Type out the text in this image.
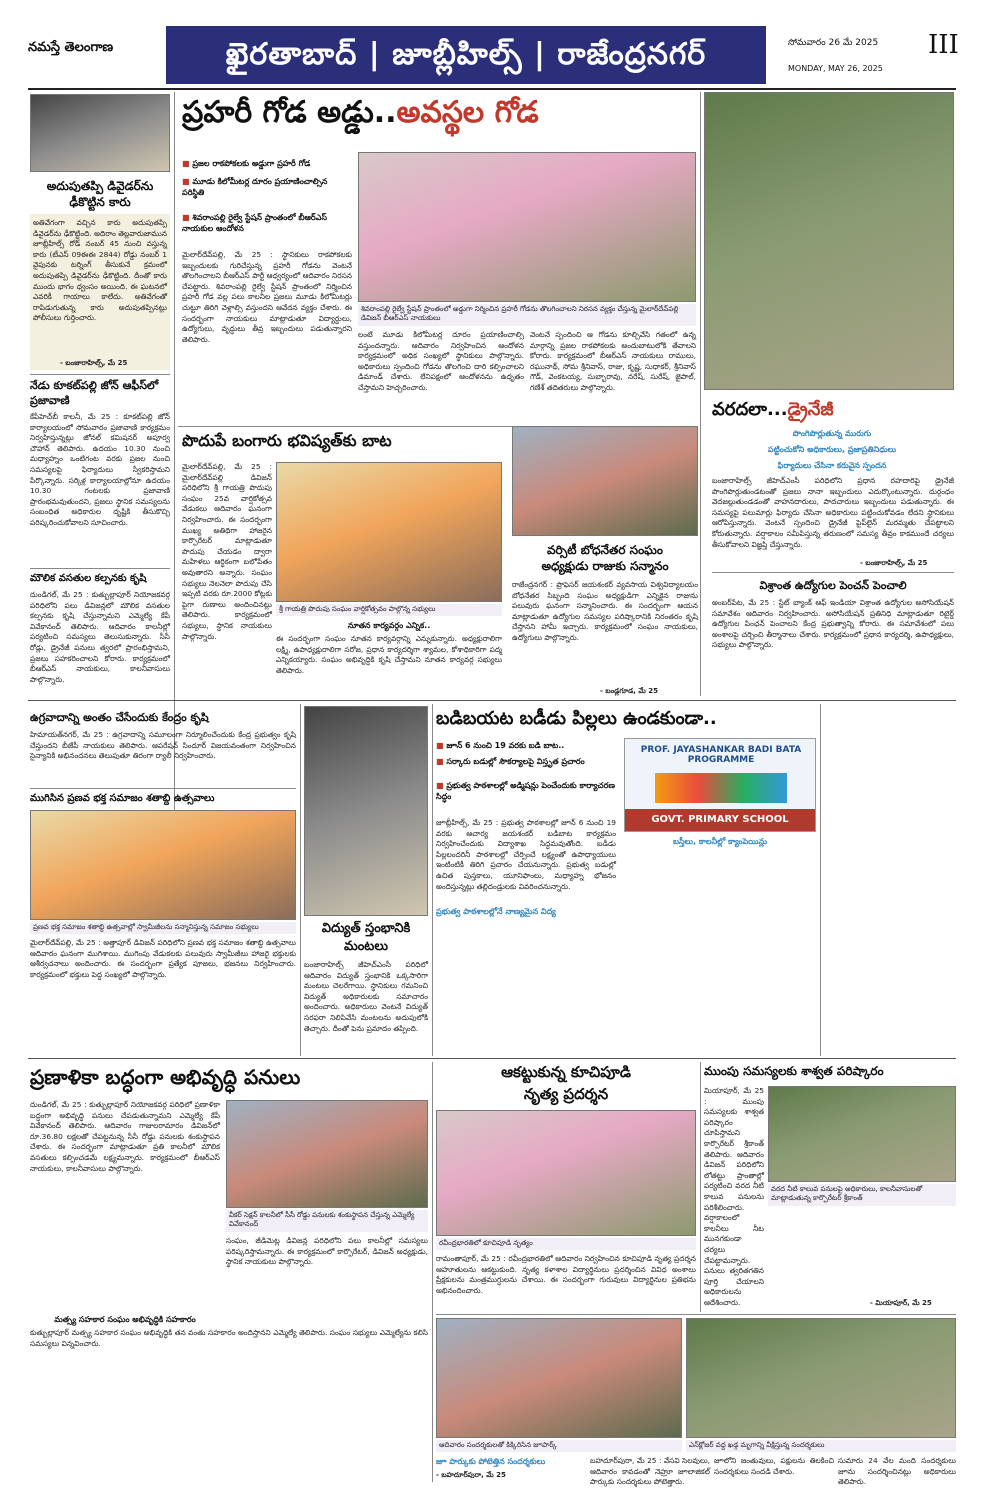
నమస్తే తెలంగాణ	ఖైరతాబాద్ | జూబ్లీహిల్స్ | రాజేంద్రనగర్	సోమవారం 26 మే 2025
MONDAY, MAY 26, 2025
III
అదుపుతప్పి డివైడర్‌ను ఢీకొట్టిన కారు
అతివేగంగా వచ్చిన కారు అదుపుతప్పి డివైడర్‌ను ఢీకొట్టింది. అదిరాం తెల్లవారుజామున జూబ్లీహిల్స్ రోడ్ నంబర్ 45 నుంచి వస్తున్న కారు (టీఎస్ 09ఈఈ 2844) రోడ్డు నంబర్ 1 వైపునకు టర్నింగ్ తీసుకునే క్రమంలో అదుపుతప్పి డివైడర్‌ను ఢీకొట్టింది. దీంతో కారు ముందు భాగం ధ్వంసం అయింది. ఈ ఘటనలో ఎవరికీ గాయాలు కాలేదు. అతివేగంతో రాపిడుగుతున్న కారు అదుపుతప్పినట్లు పోలీసులు గుర్తించారు.
- బంజారాహిల్స్, మే 25
నేడు కూకట్‌పల్లి జోన్ ఆఫీస్‌లో ప్రజావాణి
కేపీహెచ్‌బీ కాలనీ, మే 25 : కూకట్‌పల్లి జోన్ కార్యాలయంలో సోమవారం ప్రజావాణి కార్యక్రమం నిర్వహిస్తున్నట్లు జోనల్ కమిషనర్ అపూర్వ చౌహాన్ తెలిపారు. ఉదయం 10.30 నుంచి మధ్యాహ్నం ఒంటిగంట వరకు ప్రజల నుంచి సమస్యలపై ఫిర్యాదులు స్వీకరిస్తామని పేర్కొన్నారు. సర్కిళ్ల కార్యాలయాల్లోనూ ఉదయం 10.30 గంటలకు ప్రజావాణి ప్రారంభమవుతుందని, ప్రజలు స్థానిక సమస్యలను సంబంధిత అధికారుల దృష్టికి తీసుకొచ్చి పరిష్కరించుకోవాలని సూచించారు.
మౌలిక వసతుల కల్పనకు కృషి
దుండిగల్, మే 25 : కుత్బుల్లాపూర్ నియోజకవర్గ పరిధిలోని పలు డివిజన్లలో మౌలిక వసతుల కల్పనకు కృషి చేస్తున్నామని ఎమ్మెల్యే కేపీ వివేకానంద్ తెలిపారు. ఆదివారం కాలనీల్లో పర్యటించి సమస్యలు తెలుసుకున్నారు. సీసీ రోడ్లు, డ్రైనేజీ పనులు త్వరలో ప్రారంభిస్తామని, ప్రజలు సహకరించాలని కోరారు. కార్యక్రమంలో బీఆర్‌ఎస్ నాయకులు, కాలనీవాసులు పాల్గొన్నారు.
ప్రహరీ గోడ అడ్డు..అవస్థల గోడ
■ ప్రజల రాకపోకలకు అడ్డుగా ప్రహరీ గోడ
■ మూడు కిలోమీటర్ల దూరం ప్రయాణించాల్సిన పరిస్థితి
■ శివరాంపల్లి రైల్వే స్టేషన్ ప్రాంతంలో బీఆర్‌ఎస్ నాయకుల ఆందోళన
శివరాంపల్లి రైల్వే స్టేషన్ ప్రాంతంలో అడ్డుగా నిర్మించిన ప్రహరీ గోడను తొలగించాలని నిరసన వ్యక్తం చేస్తున్న మైలార్‌దేవ్‌పల్లి డివిజన్ బీఆర్‌ఎస్ నాయకులు
మైలార్‌దేవ్‌పల్లి, మే 25 : స్థానికులు రాకపోకలకు ఇబ్బందులకు గురిచేస్తున్న ప్రహరీ గోడను వెంటనే తొలగించాలని బీఆర్‌ఎస్ పార్టీ ఆధ్వర్యంలో ఆదివారం నిరసన చేపట్టారు. శివరాంపల్లి రైల్వే స్టేషన్ ప్రాంతంలో నిర్మించిన ప్రహరీ గోడ వల్ల పలు కాలనీల ప్రజలు మూడు కిలోమీటర్లు చుట్టూ తిరిగి వెళ్లాల్సి వస్తుందని ఆవేదన వ్యక్తం చేశారు. ఈ సందర్భంగా నాయకులు మాట్లాడుతూ విద్యార్థులు, ఉద్యోగులు, వృద్ధులు తీవ్ర ఇబ్బందులు పడుతున్నారని తెలిపారు.
లంటే మూడు కిలోమీటర్ల దూరం ప్రయాణించాల్సి వస్తుందన్నారు. ఆదివారం నిర్వహించిన ఆందోళన కార్యక్రమంలో అధిక సంఖ్యలో స్థానికులు పాల్గొన్నారు. అధికారులు స్పందించి గోడను తొలగించి దారి కల్పించాలని డిమాండ్ చేశారు. లేనిపక్షంలో ఆందోళనను ఉధృతం చేస్తామని హెచ్చరించారు.
వెంటనే స్పందించి ఆ గోడను కూల్చివేసి గతంలో ఉన్న మార్గాన్ని ప్రజల రాకపోకలకు అందుబాటులోకి తేవాలని కోరారు. కార్యక్రమంలో బీఆర్‌ఎస్ నాయకులు రాములు, రఘునాథ్, సోమ శ్రీనివాస్, రాజు, కృష్ణ, సుధాకర్, శ్రీనివాస్ గౌడ్, వెంకటయ్య, సుబ్బారావు, నరేష్, సురేష్, జైపాల్, గణేశ్ తదితరులు పాల్గొన్నారు.
వరదలా...డ్రైనేజీ
పొంగిపొర్లుతున్న మురుగు
పట్టించుకోని అధికారులు, ప్రజాప్రతినిధులు
ఫిర్యాదులు చేసినా కరువైన స్పందన
బంజారాహిల్స్ జీహెచ్‌ఎంసీ పరిధిలోని ప్రధాన రహదారిపై డ్రైనేజీ పొంగిపొర్లుతుండటంతో ప్రజలు నానా ఇబ్బందులు ఎదుర్కొంటున్నారు. దుర్గంధం వెదజల్లుతుండడంతో వాహనదారులు, పాదచారులు ఇబ్బందులు పడుతున్నారు. ఈ సమస్యపై పలుమార్లు ఫిర్యాదు చేసినా అధికారులు పట్టించుకోవడం లేదని స్థానికులు ఆరోపిస్తున్నారు. వెంటనే స్పందించి డ్రైనేజీ పైప్‌లైన్ మరమ్మతు చేపట్టాలని కోరుతున్నారు. వర్షాకాలం సమీపిస్తున్న తరుణంలో సమస్య తీవ్రం కాకముందే చర్యలు తీసుకోవాలని విజ్ఞప్తి చేస్తున్నారు.
- బంజారాహిల్స్, మే 25
విశ్రాంత ఉద్యోగుల పెంచన్ పెంచాలి
అంబర్‌పేట, మే 25 : స్టేట్ బ్యాంక్ ఆఫ్ ఇండియా విశ్రాంత ఉద్యోగుల అసోసియేషన్ సమావేశం ఆదివారం నిర్వహించారు. అసోసియేషన్ ప్రతినిధి మాట్లాడుతూ రిటైర్డ్ ఉద్యోగుల పింఛన్ పెంచాలని కేంద్ర ప్రభుత్వాన్ని కోరారు. ఈ సమావేశంలో పలు అంశాలపై చర్చించి తీర్మానాలు చేశారు. కార్యక్రమంలో ప్రధాన కార్యదర్శి, ఉపాధ్యక్షులు, సభ్యులు పాల్గొన్నారు.
పొదుపే బంగారు భవిష్యత్‌కు బాట
మైలార్‌దేవ్‌పల్లి, మే 25 : మైలార్‌దేవ్‌పల్లి డివిజన్ పరిధిలోని శ్రీ గాయత్రి పొదుపు సంఘం 25వ వార్షికోత్సవ వేడుకలు ఆదివారం ఘనంగా నిర్వహించారు. ఈ సందర్భంగా ముఖ్య అతిథిగా హాజరైన కార్పొరేటర్ మాట్లాడుతూ పొదుపు చేయడం ద్వారా మహిళలు ఆర్థికంగా బలోపేతం అవుతారని అన్నారు. సంఘం సభ్యులు నెలనెలా పొదుపు చేసి ఇప్పటి వరకు రూ.2000 కోట్లకు పైగా రుణాలు అందించినట్లు తెలిపారు. కార్యక్రమంలో సభ్యులు, స్థానిక నాయకులు పాల్గొన్నారు.
శ్రీ గాయత్రి పొదుపు సంఘం వార్షికోత్సవం పాల్గొన్న సభ్యులు
నూతన కార్యవర్గం ఎన్నిక..
ఈ సందర్భంగా సంఘం నూతన కార్యవర్గాన్ని ఎన్నుకున్నారు. అధ్యక్షురాలిగా లక్ష్మి, ఉపాధ్యక్షురాలిగా సరోజ, ప్రధాన కార్యదర్శిగా శ్యామల, కోశాధికారిగా పద్మ ఎన్నికయ్యారు. సంఘం అభివృద్ధికి కృషి చేస్తామని నూతన కార్యవర్గ సభ్యులు తెలిపారు.
వర్సిటీ బోధనేతర సంఘం
అధ్యక్షుడు రాజుకు సన్మానం
రాజేంద్రనగర్ : ప్రొఫెసర్ జయశంకర్ వ్యవసాయ విశ్వవిద్యాలయం బోధనేతర సిబ్బంది సంఘం అధ్యక్షుడిగా ఎన్నికైన రాజును పలువురు ఘనంగా సన్మానించారు. ఈ సందర్భంగా ఆయన మాట్లాడుతూ ఉద్యోగుల సమస్యల పరిష్కారానికి నిరంతరం కృషి చేస్తానని హామీ ఇచ్చారు. కార్యక్రమంలో సంఘం నాయకులు, ఉద్యోగులు పాల్గొన్నారు.
- బండ్లగూడ, మే 25
ఉగ్రవాదాన్ని అంతం చేసేందుకు కేంద్రం కృషి
హిమాయత్‌నగర్, మే 25 : ఉగ్రవాదాన్ని సమూలంగా నిర్మూలించేందుకు కేంద్ర ప్రభుత్వం కృషి చేస్తుందని బీజేపీ నాయకులు తెలిపారు. ఆపరేషన్ సిందూర్ విజయవంతంగా నిర్వహించిన సైన్యానికి అభినందనలు తెలుపుతూ తిరంగా ర్యాలీ నిర్వహించారు.
ముగిసిన ప్రణవ భక్త సమాజం శతాబ్ది ఉత్సవాలు
ప్రణవ భక్త సమాజం శతాబ్ది ఉత్సవాల్లో స్వామీజీలను సన్మానిస్తున్న సమాజం సభ్యులు
మైలార్‌దేవ్‌పల్లి, మే 25 : అత్తాపూర్ డివిజన్ పరిధిలోని ప్రణవ భక్త సమాజం శతాబ్ది ఉత్సవాలు ఆదివారం ఘనంగా ముగిశాయి. ముగింపు వేడుకలకు పలువురు స్వామీజీలు హాజరై భక్తులకు ఆశీర్వచనాలు అందించారు. ఈ సందర్భంగా ప్రత్యేక పూజలు, భజనలు నిర్వహించారు. కార్యక్రమంలో భక్తులు పెద్ద సంఖ్యలో పాల్గొన్నారు.
విద్యుత్ స్తంభానికి
మంటలు
బంజారాహిల్స్ జీహెచ్‌ఎంసీ పరిధిలో ఆదివారం విద్యుత్ స్తంభానికి ఒక్కసారిగా మంటలు చెలరేగాయి. స్థానికులు గమనించి విద్యుత్ అధికారులకు సమాచారం అందించారు. అధికారులు వెంటనే విద్యుత్ సరఫరా నిలిపివేసి మంటలను అదుపులోకి తెచ్చారు. దీంతో పెను ప్రమాదం తప్పింది.
బడిబయట బడీడు పిల్లలు ఉండకుండా..
■ జూన్ 6 నుంచి 19 వరకు బడి బాట..
■ సర్కారు బడుల్లో సౌకర్యాలపై విస్తృత ప్రచారం
■ ప్రభుత్వ పాఠశాలల్లో అడ్మిషన్లు పెంచేందుకు కార్యాచరణ సిద్ధం
PROF. JAYASHANKAR BADI BATA PROGRAMME
GOVT. PRIMARY SCHOOL
జూబ్లీహిల్స్, మే 25 : ప్రభుత్వ పాఠశాలల్లో జూన్ 6 నుంచి 19 వరకు ఆచార్య జయశంకర్ బడిబాట కార్యక్రమం నిర్వహించేందుకు విద్యాశాఖ సిద్ధమవుతోంది. బడీడు పిల్లలందరినీ పాఠశాలల్లో చేర్పించే లక్ష్యంతో ఉపాధ్యాయులు ఇంటింటికీ తిరిగి ప్రచారం చేయనున్నారు. ప్రభుత్వ బడుల్లో ఉచిత పుస్తకాలు, యూనిఫాంలు, మధ్యాహ్న భోజనం అందిస్తున్నట్లు తల్లిదండ్రులకు వివరించనున్నారు.
బస్తీలు, కాలనీల్లో క్యాంపెయిన్లు
ప్రభుత్వ పాఠశాలల్లోనే నాణ్యమైన విద్య
ఆకట్టుకున్న కూచిపూడి
నృత్య ప్రదర్శన
రవీంద్రభారతిలో కూచిపూడి నృత్యం
రామంతాపూర్, మే 25 : రవీంద్రభారతిలో ఆదివారం నిర్వహించిన కూచిపూడి నృత్య ప్రదర్శన ఆహూతులను ఆకట్టుకుంది. నృత్య కళాశాల విద్యార్థినులు ప్రదర్శించిన వివిధ అంశాలు ప్రేక్షకులను మంత్రముగ్ధులను చేశాయి. ఈ సందర్భంగా గురువులు విద్యార్థినుల ప్రతిభను అభినందించారు.
ముంపు సమస్యలకు శాశ్వత పరిష్కారం
మియాపూర్, మే 25 : ముంపు సమస్యలకు శాశ్వత పరిష్కారం చూపిస్తామని కార్పొరేటర్ శ్రీకాంత్ తెలిపారు. ఆదివారం డివిజన్ పరిధిలోని లోతట్టు ప్రాంతాల్లో పర్యటించి వరద నీటి కాలువ పనులను పరిశీలించారు. వర్షాకాలంలో కాలనీలు నీట మునగకుండా చర్యలు చేపట్టామన్నారు. పనులు త్వరితగతిన పూర్తి చేయాలని అధికారులను ఆదేశించారు.
వరద నీటి కాలువ పనులపై అధికారులు, కాలనీవాసులతో మాట్లాడుతున్న కార్పొరేటర్ శ్రీకాంత్
- మియాపూర్, మే 25
ప్రణాళికా బద్ధంగా అభివృద్ధి పనులు
దుండిగల్, మే 25 : కుత్బుల్లాపూర్ నియోజకవర్గ పరిధిలో ప్రణాళికా బద్ధంగా అభివృద్ధి పనులు చేపడుతున్నామని ఎమ్మెల్యే కేపీ వివేకానంద్ తెలిపారు. ఆదివారం గాజులరామారం డివిజన్‌లో రూ.36.80 లక్షలతో చేపట్టనున్న సీసీ రోడ్డు పనులకు శంకుస్థాపన చేశారు. ఈ సందర్భంగా మాట్లాడుతూ ప్రతి కాలనీలో మౌలిక వసతులు కల్పించడమే లక్ష్యమన్నారు. కార్యక్రమంలో బీఆర్‌ఎస్ నాయకులు, కాలనీవాసులు పాల్గొన్నారు.
వీకర్ సెక్షన్ కాలనీలో సీసీ రోడ్డు పనులకు శంకుస్థాపన చేస్తున్న ఎమ్మెల్యే వివేకానంద్
సంఘం, జీడిమెట్ల డివిజన్ల పరిధిలోని పలు కాలనీల్లో సమస్యలు పరిష్కరిస్తామన్నారు. ఈ కార్యక్రమంలో కార్పొరేటర్, డివిజన్ అధ్యక్షుడు, స్థానిక నాయకులు పాల్గొన్నారు.
మత్స్య సహకార సంఘం అభివృద్ధికి సహకారం
కుత్బుల్లాపూర్ మత్స్య సహకార సంఘం అభివృద్ధికి తన వంతు సహకారం అందిస్తానని ఎమ్మెల్యే తెలిపారు. సంఘం సభ్యులు ఎమ్మెల్యేను కలిసి సమస్యలు విన్నవించారు.
ఆదివారం సందర్శకులతో కిక్కిరిసిన జూపార్క్	ఎన్‌క్లోజర్ వద్ద ఖడ్గ మృగాన్ని వీక్షిస్తున్న సందర్శకులు
జూ పార్కుకు పోటెత్తిన సందర్శకులు	బహదూర్‌పురా, మే 25 : వేసవి సెలవులు, ఆదివారం కావడంతో నెహ్రూ జూలాజికల్ పార్కుకు సందర్శకులు పోటెత్తారు.
జూలోని జంతువులు, పక్షులను తిలకించి సందర్శకులు సందడి చేశారు.
సుమారు 24 వేల మంది సందర్శకులు జూను సందర్శించినట్లు అధికారులు తెలిపారు.
- బహదూర్‌పురా, మే 25
